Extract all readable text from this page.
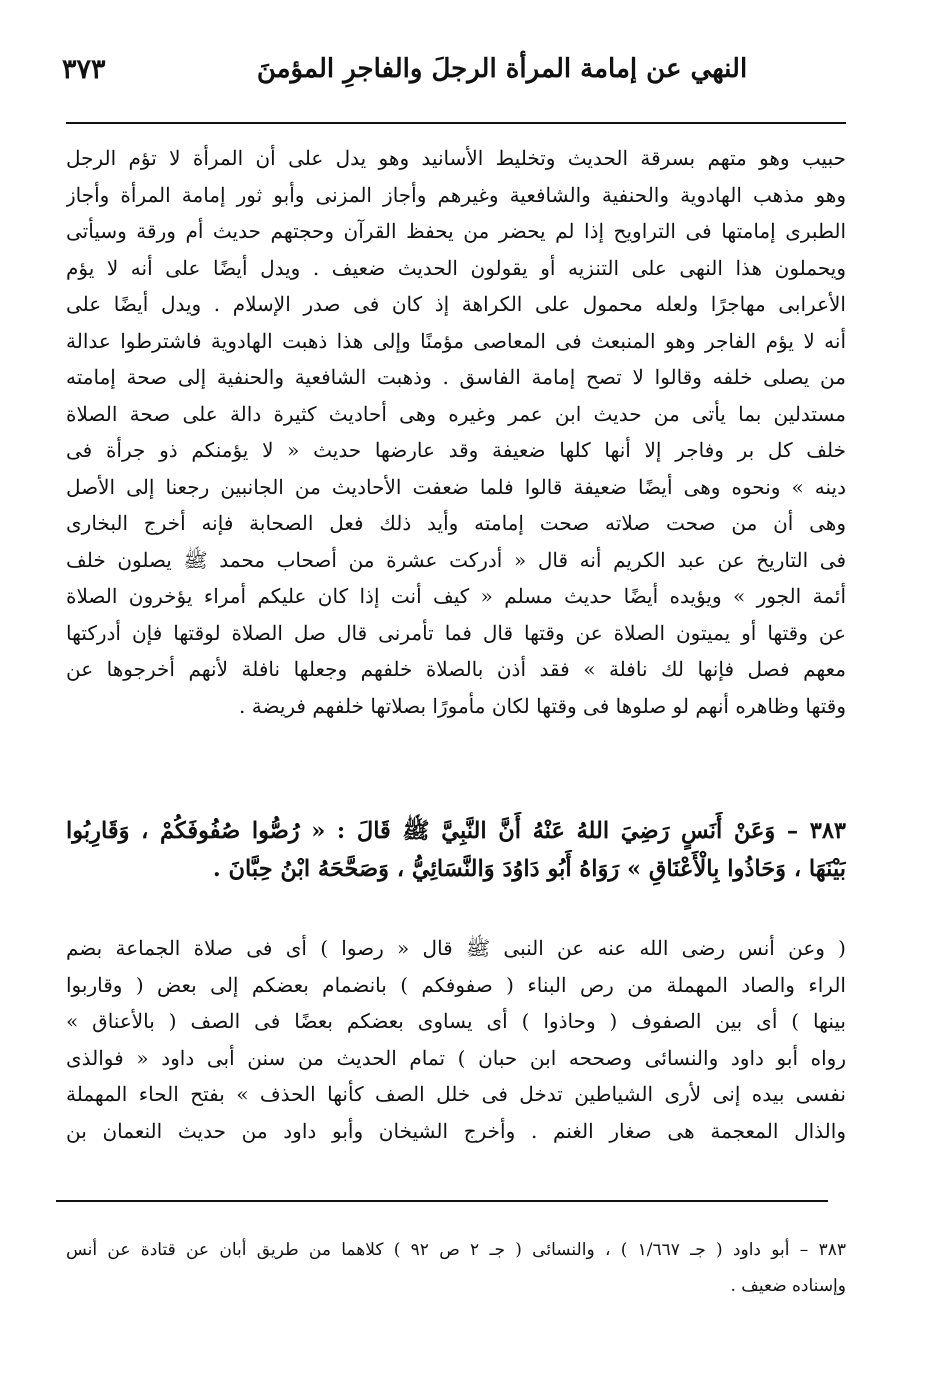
النهي عن إمامة المرأة الرجلَ والفاجرِ المؤمنَ
٣٧٣
حبيب وهو متهم بسرقة الحديث وتخليط الأسانيد وهو يدل على أن المرأة لا تؤم الرجل
وهو مذهب الهادوية والحنفية والشافعية وغيرهم وأجاز المزنى وأبو ثور إمامة المرأة وأجاز
الطبرى إمامتها فى التراويح إذا لم يحضر من يحفظ القرآن وحجتهم حديث أم ورقة وسيأتى
ويحملون هذا النهى على التنزيه أو يقولون الحديث ضعيف . ويدل أيضًا على أنه لا يؤم
الأعرابى مهاجرًا ولعله محمول على الكراهة إذ كان فى صدر الإسلام . ويدل أيضًا على
أنه لا يؤم الفاجر وهو المنبعث فى المعاصى مؤمنًا وإلى هذا ذهبت الهادوية فاشترطوا عدالة
من يصلى خلفه وقالوا لا تصح إمامة الفاسق . وذهبت الشافعية والحنفية إلى صحة إمامته
مستدلين بما يأتى من حديث ابن عمر وغيره وهى أحاديث كثيرة دالة على صحة الصلاة
خلف كل بر وفاجر إلا أنها كلها ضعيفة وقد عارضها حديث « لا يؤمنكم ذو جرأة فى
دينه » ونحوه وهى أيضًا ضعيفة قالوا فلما ضعفت الأحاديث من الجانبين رجعنا إلى الأصل
وهى أن من صحت صلاته صحت إمامته وأيد ذلك فعل الصحابة فإنه أخرج البخارى
فى التاريخ عن عبد الكريم أنه قال « أدركت عشرة من أصحاب محمد ﷺ يصلون خلف
أئمة الجور » ويؤيده أيضًا حديث مسلم « كيف أنت إذا كان عليكم أمراء يؤخرون الصلاة
عن وقتها أو يميتون الصلاة عن وقتها قال فما تأمرنى قال صل الصلاة لوقتها فإن أدركتها
معهم فصل فإنها لك نافلة » فقد أذن بالصلاة خلفهم وجعلها نافلة لأنهم أخرجوها عن
وقتها وظاهره أنهم لو صلوها فى وقتها لكان مأمورًا بصلاتها خلفهم فريضة .
٣٨٣ – وَعَنْ أَنَسٍ رَضِيَ اللهُ عَنْهُ أَنَّ النَّبِيَّ ﷺ قَالَ : « رُصُّوا صُفُوفَكُمْ ، وَقَارِبُوا
بَيْنَهَا ، وَحَاذُوا بِالْأَعْنَاقِ » رَوَاهُ أَبُو دَاوُدَ وَالنَّسَائِيُّ ، وَصَحَّحَهُ ابْنُ حِبَّانَ .
( وعن أنس رضى الله عنه عن النبى ﷺ قال « رصوا ) أى فى صلاة الجماعة بضم
الراء والصاد المهملة من رص البناء ( صفوفكم ) بانضمام بعضكم إلى بعض ( وقاربوا
بينها ) أى بين الصفوف ( وحاذوا ) أى يساوى بعضكم بعضًا فى الصف ( بالأعناق »
رواه أبو داود والنسائى وصححه ابن حبان ) تمام الحديث من سنن أبى داود « فوالذى
نفسى بيده إنى لأرى الشياطين تدخل فى خلل الصف كأنها الحذف » بفتح الحاء المهملة
والذال المعجمة هى صغار الغنم . وأخرج الشيخان وأبو داود من حديث النعمان بن
٣٨٣ – أبو داود ( جـ ١/٦٦٧ ) ، والنسائى ( جـ ٢ ص ٩٢ ) كلاهما من طريق أبان عن قتادة عن أنس
وإسناده ضعيف .
